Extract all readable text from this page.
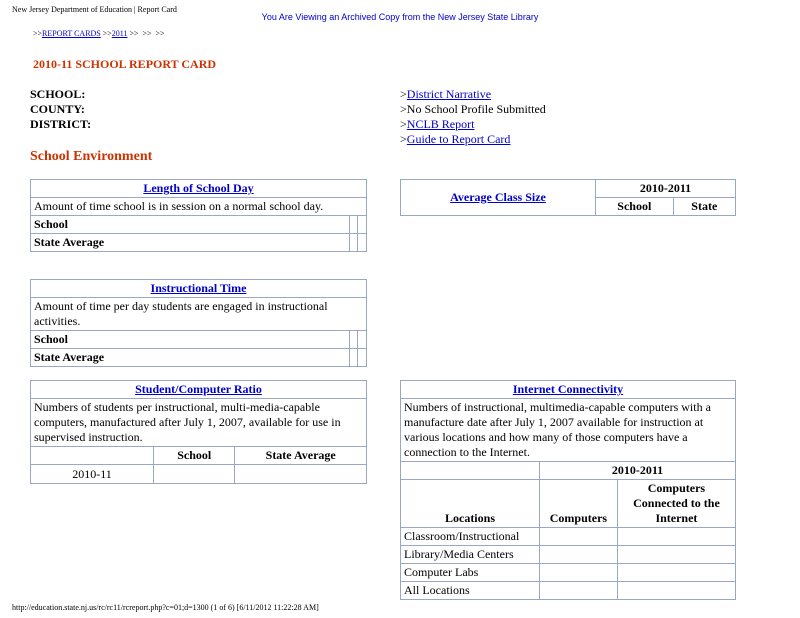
New Jersey Department of Education | Report Card
You Are Viewing an Archived Copy from the New Jersey State Library
>>REPORT CARDS >>2011 >>  >>  >>
2010-11 SCHOOL REPORT CARD
SCHOOL:
COUNTY:
DISTRICT:
>District Narrative
>No School Profile Submitted
>NCLB Report
>Guide to Report Card
School Environment
Length of School Day		
Amount of time school is in session on a normal school day.		
School		
State Average		
Instructional Time		
Amount of time per day students are engaged in instructional activities.		
School		
State Average		
Student/Computer Ratio		
Numbers of students per instructional, multi-media-capable computers, manufactured after July 1, 2007, available for use in supervised instruction.		
	School	State Average
2010-11		
Average Class Size	2010-2011	
	School	State
Internet Connectivity		
Numbers of instructional, multimedia-capable computers with a manufacture date after July 1, 2007 available for instruction at various locations and how many of those computers have a connection to the Internet.		
	2010-2011	
Locations	Computers	Computers Connected to the Internet
Classroom/Instructional		
Library/Media Centers		
Computer Labs		
All Locations		
http://education.state.nj.us/rc/rc11/rcreport.php?c=01;d=1300 (1 of 6) [6/11/2012 11:22:28 AM]
